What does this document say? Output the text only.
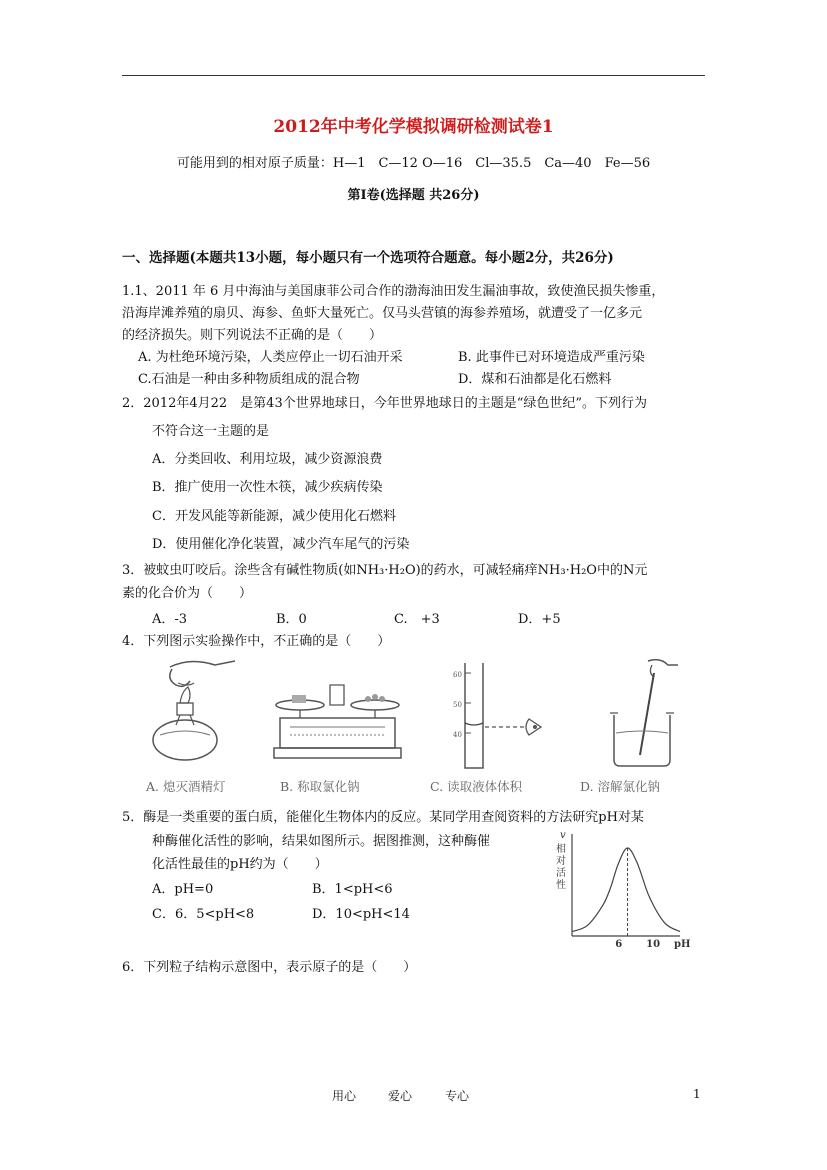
2012年中考化学模拟调研检测试卷1
可能用到的相对原子质量：H—1　C—12 O—16　Cl—35.5　Ca—40　Fe—56
第Ⅰ卷(选择题 共26分)
一、选择题(本题共13小题，每小题只有一个选项符合题意。每小题2分，共26分)
1.1、2011 年 6 月中海油与美国康菲公司合作的渤海油田发生漏油事故，致使渔民损失惨重，
沿海岸滩养殖的扇贝、海参、鱼虾大量死亡。仅马头营镇的海参养殖场，就遭受了一亿多元
的经济损失。则下列说法不正确的是（　　）
A. 为杜绝环境污染，人类应停止一切石油开采	B. 此事件已对环境造成严重污染
C.石油是一种由多种物质组成的混合物	D．煤和石油都是化石燃料
2．2012年4月22　是第43个世界地球日，今年世界地球日的主题是“绿色世纪”。下列行为
不符合这一主题的是
A．分类回收、利用垃圾，减少资源浪费
B．推广使用一次性木筷，减少疾病传染
C．开发风能等新能源，减少使用化石燃料
D．使用催化净化装置，减少汽车尾气的污染
3．被蚊虫叮咬后。涂些含有碱性物质(如NH₃·H₂O)的药水，可减轻痛痒NH₃·H₂O中的N元
素的化合价为（　　）
A．-3	B．0	C.　+3	D．+5
4．下列图示实验操作中，不正确的是（　　）
A. 熄灭酒精灯	B. 称取氯化钠
60
50
40
C. 读取液体体积	D. 溶解氯化钠
5．酶是一类重要的蛋白质，能催化生物体内的反应。某同学用查阅资料的方法研究pH对某
种酶催化活性的影响，结果如图所示。据图推测，这种酶催
化活性最佳的pH约为（　　）
A．pH=0	B．1<pH<6
C．6．5<pH<8	D．10<pH<14
v
相对活性
6 10 pH
6．下列粒子结构示意图中，表示原子的是（　　）
用心	爱心	专心	1
